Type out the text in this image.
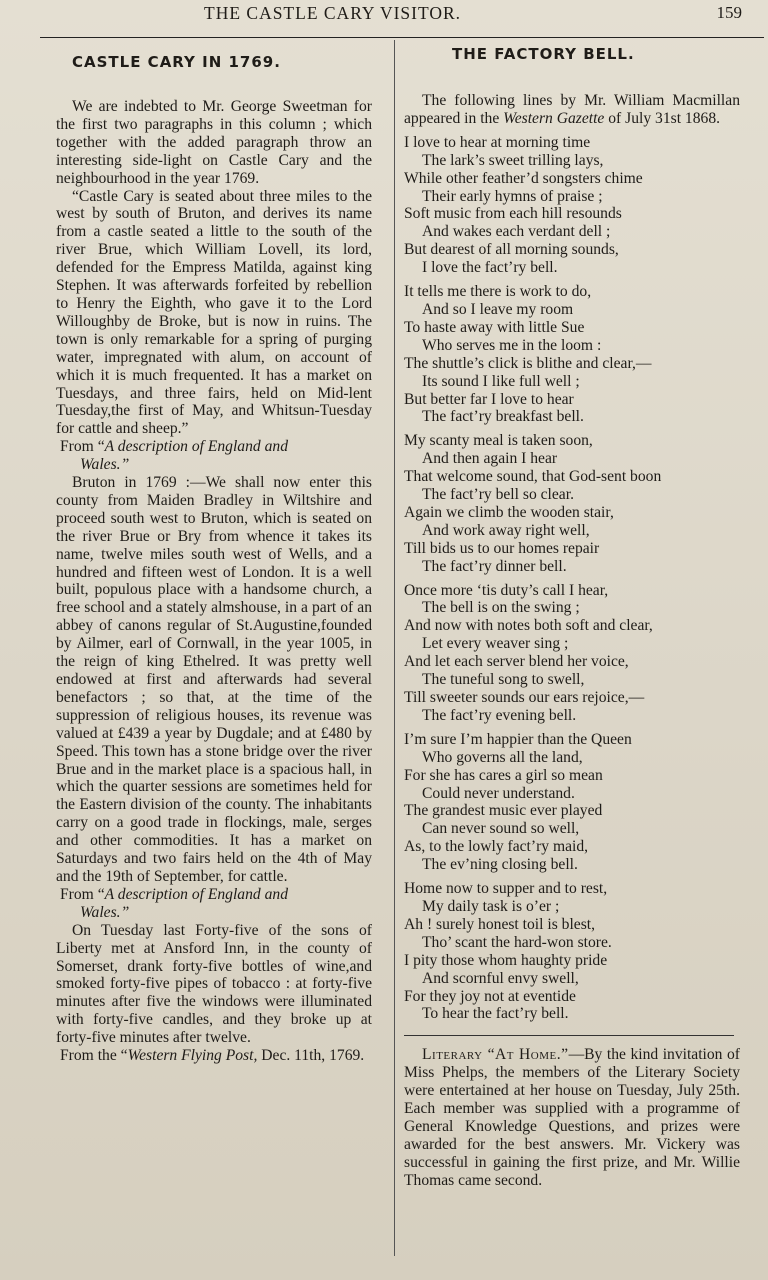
THE CASTLE CARY VISITOR.	159
CASTLE CARY IN 1769.

We are indebted to Mr. George Sweetman for the first two paragraphs in this column ; which together with the added paragraph throw an interesting side-light on Castle Cary and the neighbourhood in the year 1769.

“Castle Cary is seated about three miles to the west by south of Bruton, and derives its name from a castle seated a little to the south of the river Brue, which William Lovell, its lord, defended for the Empress Matilda, against king Stephen. It was afterwards forfeited by rebellion to Henry the Eighth, who gave it to the Lord Willoughby de Broke, but is now in ruins. The town is only remarkable for a spring of purging water, impregnated with alum, on account of which it is much frequented. It has a market on Tuesdays, and three fairs, held on Mid-lent Tuesday,the first of May, and Whitsun-Tuesday for cattle and sheep.”

From “A description of England and

Wales.”

Bruton in 1769 :—We shall now enter this county from Maiden Bradley in Wiltshire and proceed south west to Bruton, which is seated on the river Brue or Bry from whence it takes its name, twelve miles south west of Wells, and a hundred and fifteen west of London. It is a well built, populous place with a handsome church, a free school and a stately almshouse, in a part of an abbey of canons regular of St.Augustine,founded by Ailmer, earl of Cornwall, in the year 1005, in the reign of king Ethelred. It was pretty well endowed at first and afterwards had several benefactors ; so that, at the time of the suppression of religious houses, its revenue was valued at £439 a year by Dugdale; and at £480 by Speed. This town has a stone bridge over the river Brue and in the market place is a spacious hall, in which the quarter sessions are sometimes held for the Eastern division of the county. The inhabitants carry on a good trade in flockings, male, serges and other commodities. It has a market on Saturdays and two fairs held on the 4th of May and the 19th of September, for cattle.

From “A description of England and

Wales.”

On Tuesday last Forty-five of the sons of Liberty met at Ansford Inn, in the county of Somerset, drank forty-five bottles of wine,and smoked forty-five pipes of tobacco : at forty-five minutes after five the windows were illuminated with forty-five candles, and they broke up at forty-five minutes after twelve.

From the “Western Flying Post, Dec. 11th, 1769.

THE FACTORY BELL.

The following lines by Mr. William Macmillan appeared in the Western Gazette of July 31st 1868.

I love to hear at morning time
The lark’s sweet trilling lays,
While other feather’d songsters chime
Their early hymns of praise ;
Soft music from each hill resounds
And wakes each verdant dell ;
But dearest of all morning sounds,
I love the fact’ry bell.
It tells me there is work to do,
And so I leave my room
To haste away with little Sue
Who serves me in the loom :
The shuttle’s click is blithe and clear,—
Its sound I like full well ;
But better far I love to hear
The fact’ry breakfast bell.
My scanty meal is taken soon,
And then again I hear
That welcome sound, that God-sent boon
The fact’ry bell so clear.
Again we climb the wooden stair,
And work away right well,
Till bids us to our homes repair
The fact’ry dinner bell.
Once more ‘tis duty’s call I hear,
The bell is on the swing ;
And now with notes both soft and clear,
Let every weaver sing ;
And let each server blend her voice,
The tuneful song to swell,
Till sweeter sounds our ears rejoice,—
The fact’ry evening bell.
I’m sure I’m happier than the Queen
Who governs all the land,
For she has cares a girl so mean
Could never understand.
The grandest music ever played
Can never sound so well,
As, to the lowly fact’ry maid,
The ev’ning closing bell.
Home now to supper and to rest,
My daily task is o’er ;
Ah ! surely honest toil is blest,
Tho’ scant the hard-won store.
I pity those whom haughty pride
And scornful envy swell,
For they joy not at eventide
To hear the fact’ry bell.

Literary “At Home.”—By the kind invitation of Miss Phelps, the members of the Literary Society were entertained at her house on Tuesday, July 25th. Each member was supplied with a programme of General Knowledge Questions, and prizes were awarded for the best answers. Mr. Vickery was successful in gaining the first prize, and Mr. Willie Thomas came second.
